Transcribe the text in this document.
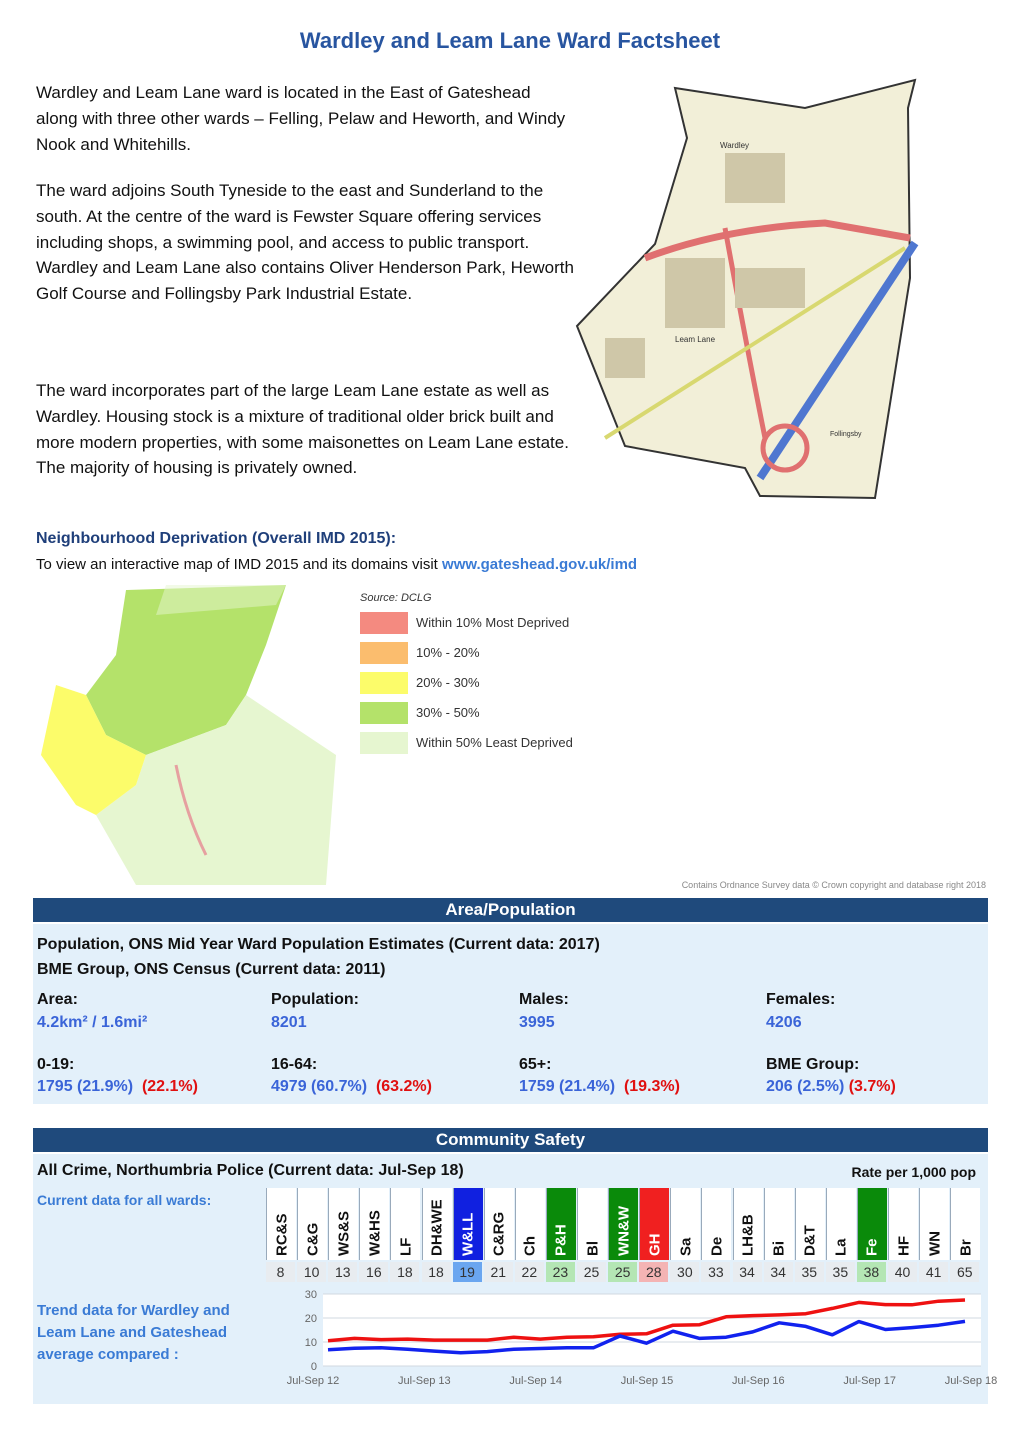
Wardley and Leam Lane Ward Factsheet

Wardley and Leam Lane ward is located in the East of Gateshead along with three other wards – Felling, Pelaw and Heworth, and Windy Nook and Whitehills.

The ward adjoins South Tyneside to the east and Sunderland to the south. At the centre of the ward is Fewster Square offering services including shops, a swimming pool, and access to public transport. Wardley and Leam Lane also contains Oliver Henderson Park, Heworth Golf Course and Follingsby Park Industrial Estate.

The ward incorporates part of the large Leam Lane estate as well as Wardley. Housing stock is a mixture of traditional older brick built and more modern properties, with some maisonettes on Leam Lane estate. The majority of housing is privately owned.

Wardley
Leam Lane
Follingsby
Neighbourhood Deprivation (Overall IMD 2015):
To view an interactive map of IMD 2015 and its domains visit www.gateshead.gov.uk/imd
Source: DCLG
Within 10% Most Deprived
10% - 20%
20% - 30%
30% - 50%
Within 50% Least Deprived
Contains Ordnance Survey data © Crown copyright and database right 2018
Area/Population
Population, ONS Mid Year Ward Population Estimates (Current data: 2017)
BME Group, ONS Census (Current data: 2011)
Area:
4.2km² / 1.6mi²
Population:
8201
Males:
3995
Females:
4206
0-19:
1795 (21.9%) (22.1%)
16-64:
4979 (60.7%) (63.2%)
65+:
1759 (21.4%) (19.3%)
BME Group:
206 (2.5%) (3.7%)
Community Safety
All Crime, Northumbria Police (Current data: Jul-Sep 18)	Rate per 1,000 pop
Current data for all wards:
Trend data for Wardley and Leam Lane and Gateshead average compared :
RC&S
8
C&G
10
WS&S
13
W&HS
16
LF
18
DH&WE
18
W&LL
19
C&RG
21
Ch
22
P&H
23
Bl
25
WN&W
25
GH
28
Sa
30
De
33
LH&B
34
Bi
34
D&T
35
La
35
Fe
38
HF
40
WN
41
Br
65
0
10
20
30
Jul-Sep 12	Jul-Sep 13	Jul-Sep 14	Jul-Sep 15	Jul-Sep 16	Jul-Sep 17	Jul-Sep 18
